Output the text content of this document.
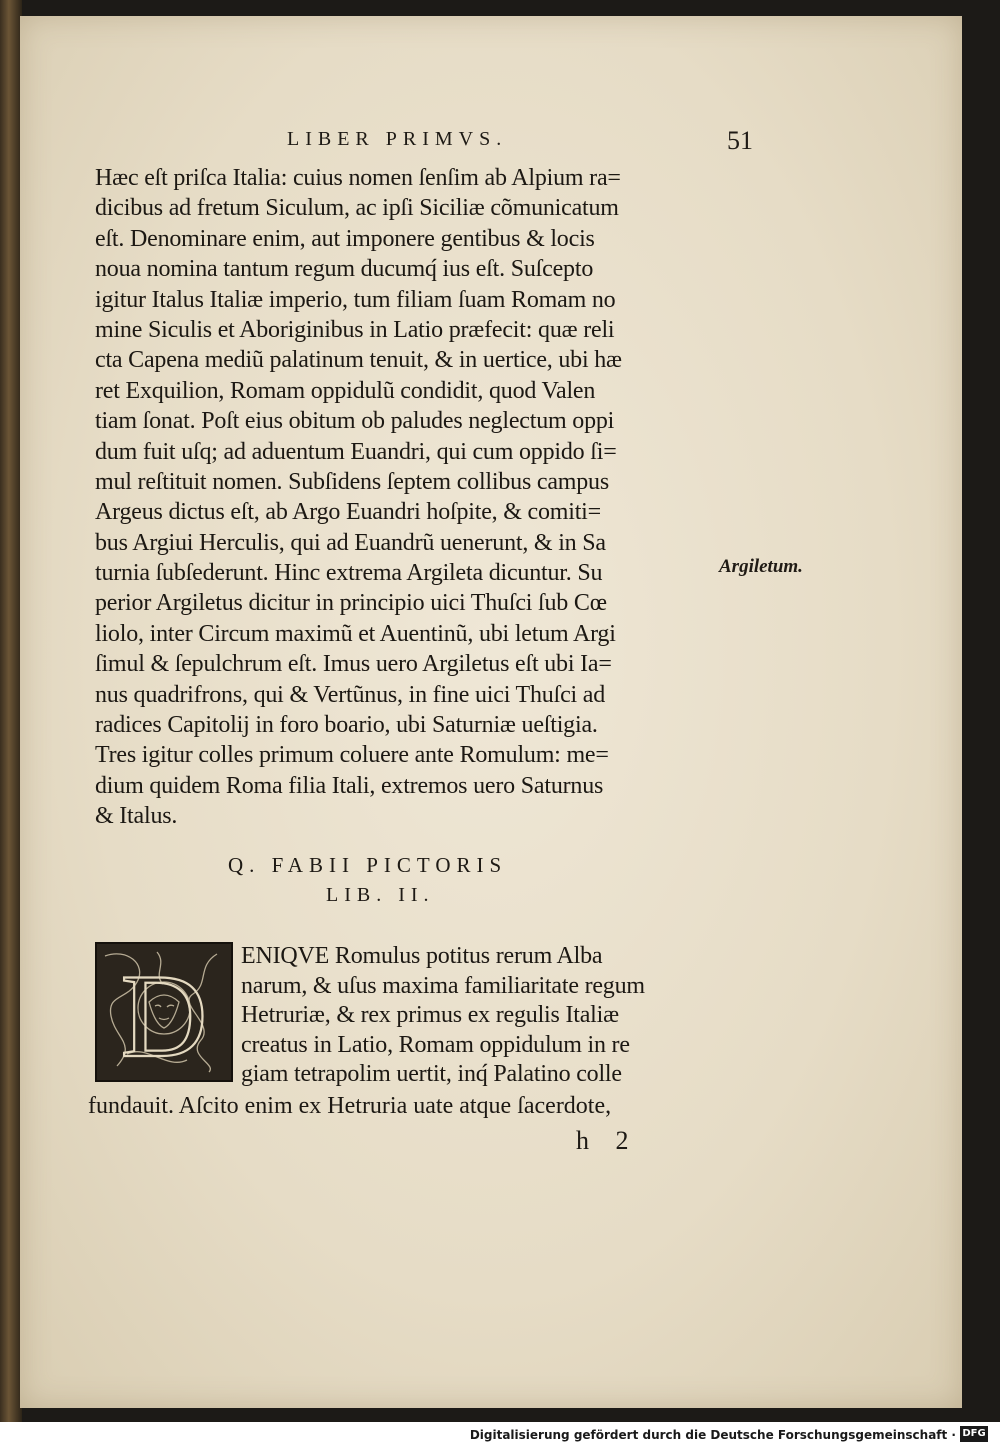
LIBER PRIMVS.	51
Hæc eſt priſca Italia: cuius nomen ſenſim ab Alpium ra=
dicibus ad fretum Siculum, ac ipſi Siciliæ cõmunicatum
eſt. Denominare enim, aut imponere gentibus & locis
noua nomina tantum regum ducumq́ ius eſt. Suſcepto
igitur Italus Italiæ imperio, tum filiam ſuam Romam no
mine Siculis et Aboriginibus in Latio præfecit: quæ reli
cta Capena mediũ palatinum tenuit, & in uertice, ubi hæ
ret Exquilion, Romam oppidulũ condidit, quod Valen
tiam ſonat. Poſt eius obitum ob paludes neglectum oppi
dum fuit uſq; ad aduentum Euandri, qui cum oppido ſi=
mul reſtituit nomen. Subſidens ſeptem collibus campus
Argeus dictus eſt, ab Argo Euandri hoſpite, & comiti=
bus Argiui Herculis, qui ad Euandrũ uenerunt, & in Sa
turnia ſubſederunt. Hinc extrema Argileta dicuntur. Su
perior Argiletus dicitur in principio uici Thuſci ſub Cœ
liolo, inter Circum maximũ et Auentinũ, ubi letum Argi
ſimul & ſepulchrum eſt. Imus uero Argiletus eſt ubi Ia=
nus quadrifrons, qui & Vertũnus, in fine uici Thuſci ad
radices Capitolij in foro boario, ubi Saturniæ ueſtigia.
Tres igitur colles primum coluere ante Romulum: me=
dium quidem Roma filia Itali, extremos uero Saturnus
& Italus.
Argiletum.
Q. FABII PICTORIS
LIB. II.
D ENIQVE Romulus potitus rerum Alba
narum, & uſus maxima familiaritate regum
Hetruriæ, & rex primus ex regulis Italiæ
creatus in Latio, Romam oppidulum in re
giam tetrapolim uertit, inq́ Palatino colle
fundauit. Aſcito enim ex Hetruria uate atque ſacerdote,
h 2
Digitalisierung gefördert durch die Deutsche Forschungsgemeinschaft · DFG
